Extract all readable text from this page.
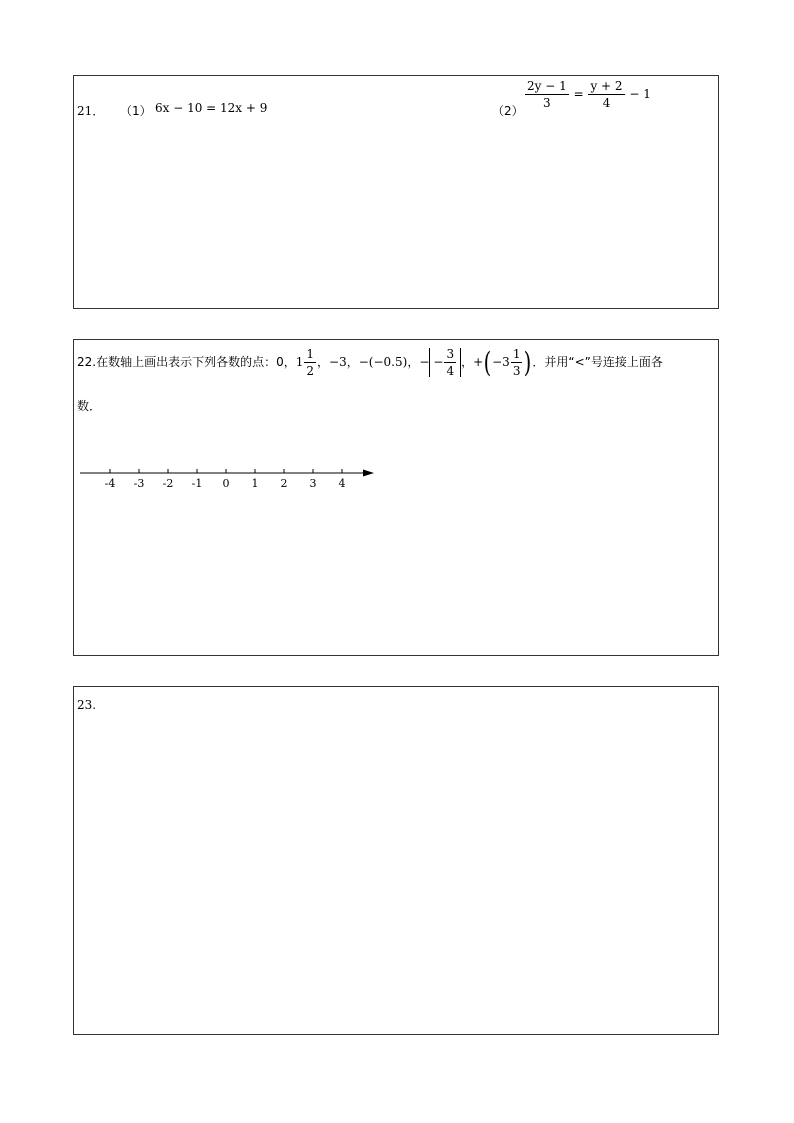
21． （1） 6x − 10 = 12x + 9	（2）
$\frac{2y - 1}{3} = \frac{y + 2}{4} - 1$
22.在数轴上画出表示下列各数的点：0，$1 \frac{1}{2}$ ，−3，−(−0.5)，− − $\frac{3}{4}$ ，$+(-3 \frac{1}{3}$ )．并用“<”号连接上面各
数．
-4 -3 -2 -1 0 1 2 3 4
23.
